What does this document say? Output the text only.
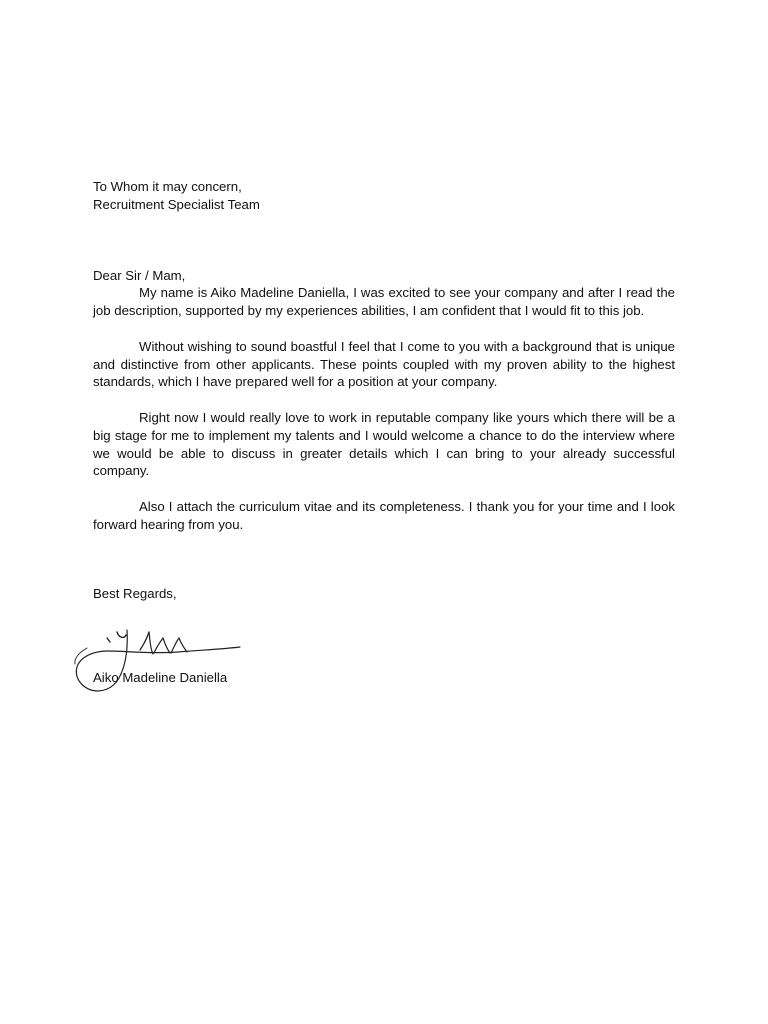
To Whom it may concern,
Recruitment Specialist Team
Dear Sir / Mam,

My name is Aiko Madeline Daniella, I was excited to see your company and after I read the job description, supported by my experiences abilities, I am confident that I would fit to this job.

Without wishing to sound boastful I feel that I come to you with a background that is unique and distinctive from other applicants. These points coupled with my proven ability to the highest standards, which I have prepared well for a position at your company.

Right now I would really love to work in reputable company like yours which there will be a big stage for me to implement my talents and I would welcome a chance to do the interview where we would be able to discuss in greater details which I can bring to your already successful company.

Also I attach the curriculum vitae and its completeness. I thank you for your time and I look forward hearing from you.

Best Regards,
Aiko Madeline Daniella
